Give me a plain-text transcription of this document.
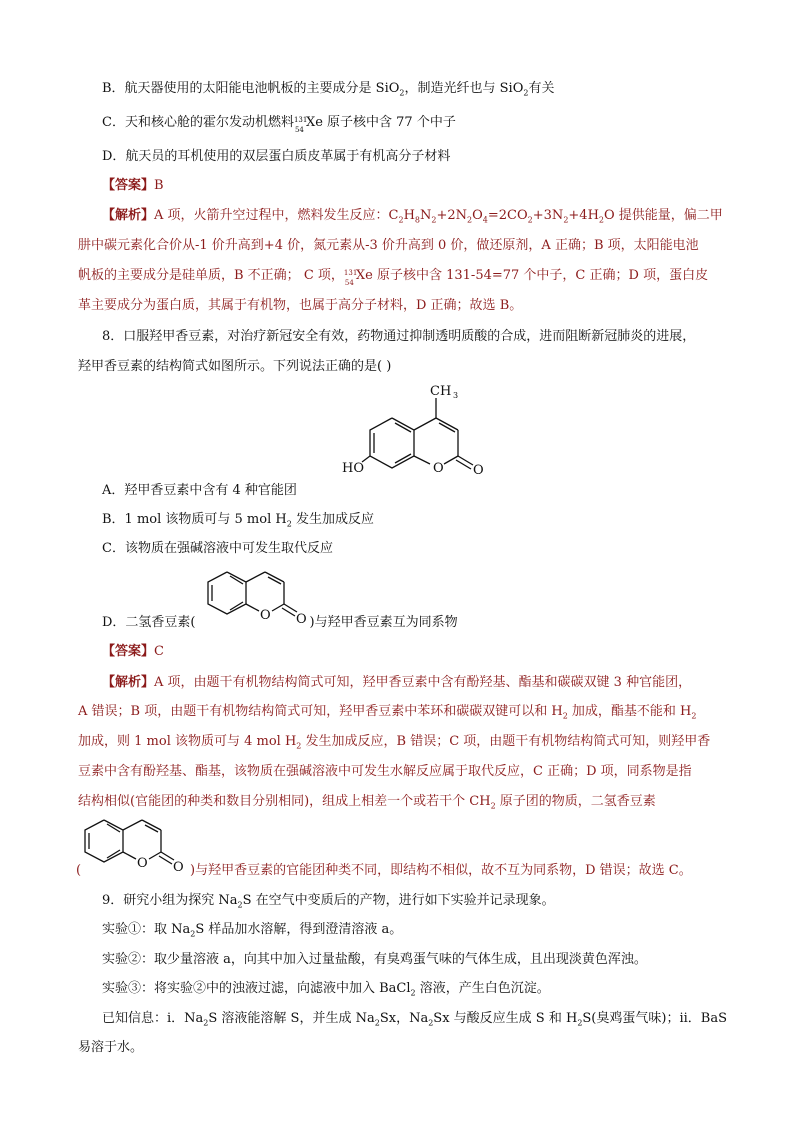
B．航天器使用的太阳能电池帆板的主要成分是 SiO$_2$，制造光纤也与 SiO$_2$有关
C．天和核心舱的霍尔发动机燃料 131
54 Xe 原子核中含 77 个中子
D．航天员的耳机使用的双层蛋白质皮革属于有机高分子材料
【答案】B
【解析】A 项，火箭升空过程中，燃料发生反应：$C_2H_8N_2+2N_2O_4=2CO_2+3N_2+4H_2O$ 提供能量，偏二甲
肼中碳元素化合价从-1 价升高到+4 价，氮元素从-3 价升高到 0 价，做还原剂，A 正确；B 项，太阳能电池
帆板的主要成分是硅单质，B 不正确； C 项， 131
54 Xe 原子核中含 131-54=77 个中子，C 正确；D 项，蛋白皮
革主要成分为蛋白质，其属于有机物，也属于高分子材料，D 正确；故选 B。
8．口服羟甲香豆素，对治疗新冠安全有效，药物通过抑制透明质酸的合成，进而阻断新冠肺炎的进展，
羟甲香豆素的结构简式如图所示。下列说法正确的是( )
CH 3
HO	O O
A．羟甲香豆素中含有 4 种官能团
B．1 mol 该物质可与 5 mol $H_2$ 发生加成反应
C．该物质在强碱溶液中可发生取代反应
O O
D．二氢香豆素(	)与羟甲香豆素互为同系物
【答案】C
【解析】A 项，由题干有机物结构简式可知，羟甲香豆素中含有酚羟基、酯基和碳碳双键 3 种官能团，
A 错误；B 项，由题干有机物结构简式可知，羟甲香豆素中苯环和碳碳双键可以和 $H_2$ 加成，酯基不能和 $H_2$
加成，则 1 mol 该物质可与 4 mol $H_2$ 发生加成反应，B 错误；C 项，由题干有机物结构简式可知，则羟甲香
豆素中含有酚羟基、酯基，该物质在强碱溶液中可发生水解反应属于取代反应，C 正确；D 项，同系物是指
结构相似(官能团的种类和数目分别相同)，组成上相差一个或若干个 $CH_2$ 原子团的物质，二氢香豆素
O O
(	)与羟甲香豆素的官能团种类不同，即结构不相似，故不互为同系物，D 错误；故选 C。
9．研究小组为探究 $Na_2S$ 在空气中变质后的产物，进行如下实验并记录现象。
实验①：取 $Na_2S$ 样品加水溶解，得到澄清溶液 a。
实验②：取少量溶液 a，向其中加入过量盐酸，有臭鸡蛋气味的气体生成，且出现淡黄色浑浊。
实验③：将实验②中的浊液过滤，向滤液中加入 BaCl$_2$ 溶液，产生白色沉淀。
已知信息：i．$Na_2S$ 溶液能溶解 S，并生成 $Na_2Sx$，$Na_2Sx$ 与酸反应生成 S 和 $H_2S$(臭鸡蛋气味)；ii．BaS
易溶于水。
